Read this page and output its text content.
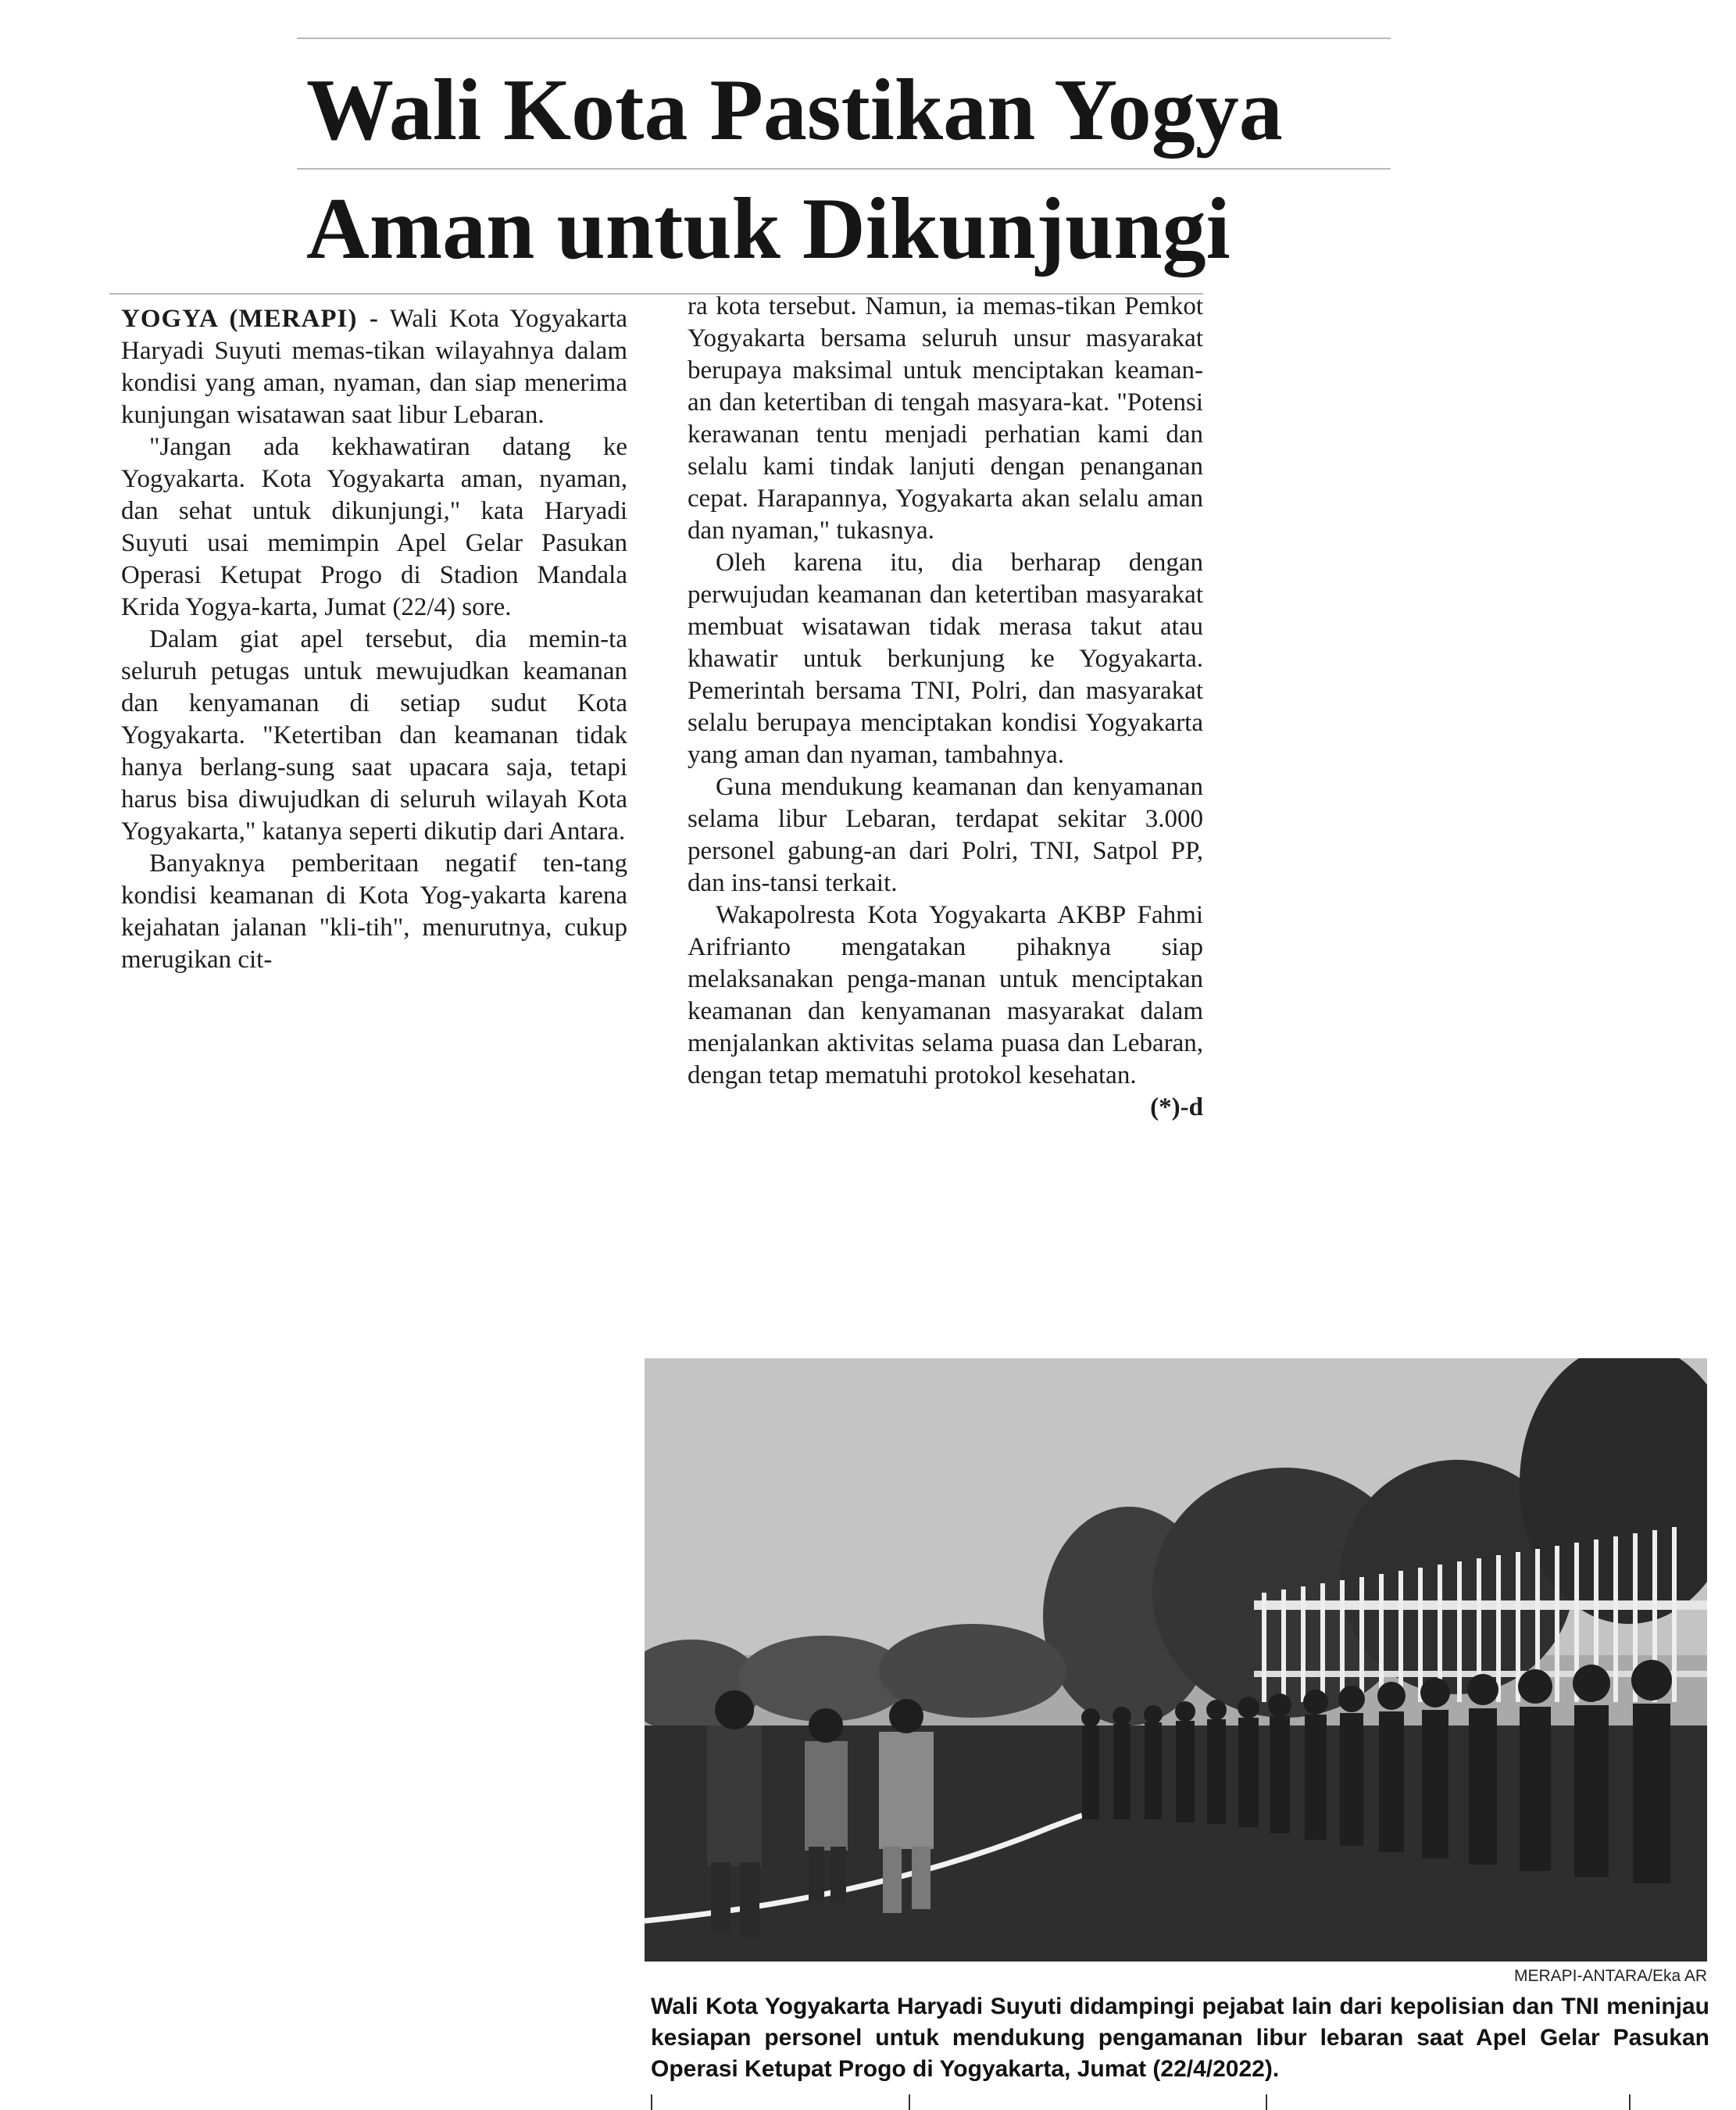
Wali Kota Pastikan Yogya
Aman untuk Dikunjungi

YOGYA (MERAPI) - Wali Kota Yogyakarta Haryadi Suyuti memas-tikan wilayahnya dalam kondisi yang aman, nyaman, dan siap menerima kunjungan wisatawan saat libur Lebaran.

"Jangan ada kekhawatiran datang ke Yogyakarta. Kota Yogyakarta aman, nyaman, dan sehat untuk dikunjungi," kata Haryadi Suyuti usai memimpin Apel Gelar Pasukan Operasi Ketupat Progo di Stadion Mandala Krida Yogya-karta, Jumat (22/4) sore.

Dalam giat apel tersebut, dia memin-ta seluruh petugas untuk mewujudkan keamanan dan kenyamanan di setiap sudut Kota Yogyakarta. "Ketertiban dan keamanan tidak hanya berlang-sung saat upacara saja, tetapi harus bisa diwujudkan di seluruh wilayah Kota Yogyakarta," katanya seperti dikutip dari Antara.

Banyaknya pemberitaan negatif ten-tang kondisi keamanan di Kota Yog-yakarta karena kejahatan jalanan "kli-tih", menurutnya, cukup merugikan cit-

ra kota tersebut. Namun, ia memas-tikan Pemkot Yogyakarta bersama seluruh unsur masyarakat berupaya maksimal untuk menciptakan keaman-an dan ketertiban di tengah masyara-kat. "Potensi kerawanan tentu menjadi perhatian kami dan selalu kami tindak lanjuti dengan penanganan cepat. Harapannya, Yogyakarta akan selalu aman dan nyaman," tukasnya.

Oleh karena itu, dia berharap dengan perwujudan keamanan dan ketertiban masyarakat membuat wisatawan tidak merasa takut atau khawatir untuk berkunjung ke Yogyakarta. Pemerintah bersama TNI, Polri, dan masyarakat selalu berupaya menciptakan kondisi Yogyakarta yang aman dan nyaman, tambahnya.

Guna mendukung keamanan dan kenyamanan selama libur Lebaran, terdapat sekitar 3.000 personel gabung-an dari Polri, TNI, Satpol PP, dan ins-tansi terkait.

Wakapolresta Kota Yogyakarta AKBP Fahmi Arifrianto mengatakan pihaknya siap melaksanakan penga-manan untuk menciptakan keamanan dan kenyamanan masyarakat dalam menjalankan aktivitas selama puasa dan Lebaran, dengan tetap mematuhi protokol kesehatan.
(*)-d

MERAPI-ANTARA/Eka AR
Wali Kota Yogyakarta Haryadi Suyuti didampingi pejabat lain dari kepolisian dan TNI meninjau kesiapan personel untuk mendukung pengamanan libur lebaran saat Apel Gelar Pasukan Operasi Ketupat Progo di Yogyakarta, Jumat (22/4/2022).
